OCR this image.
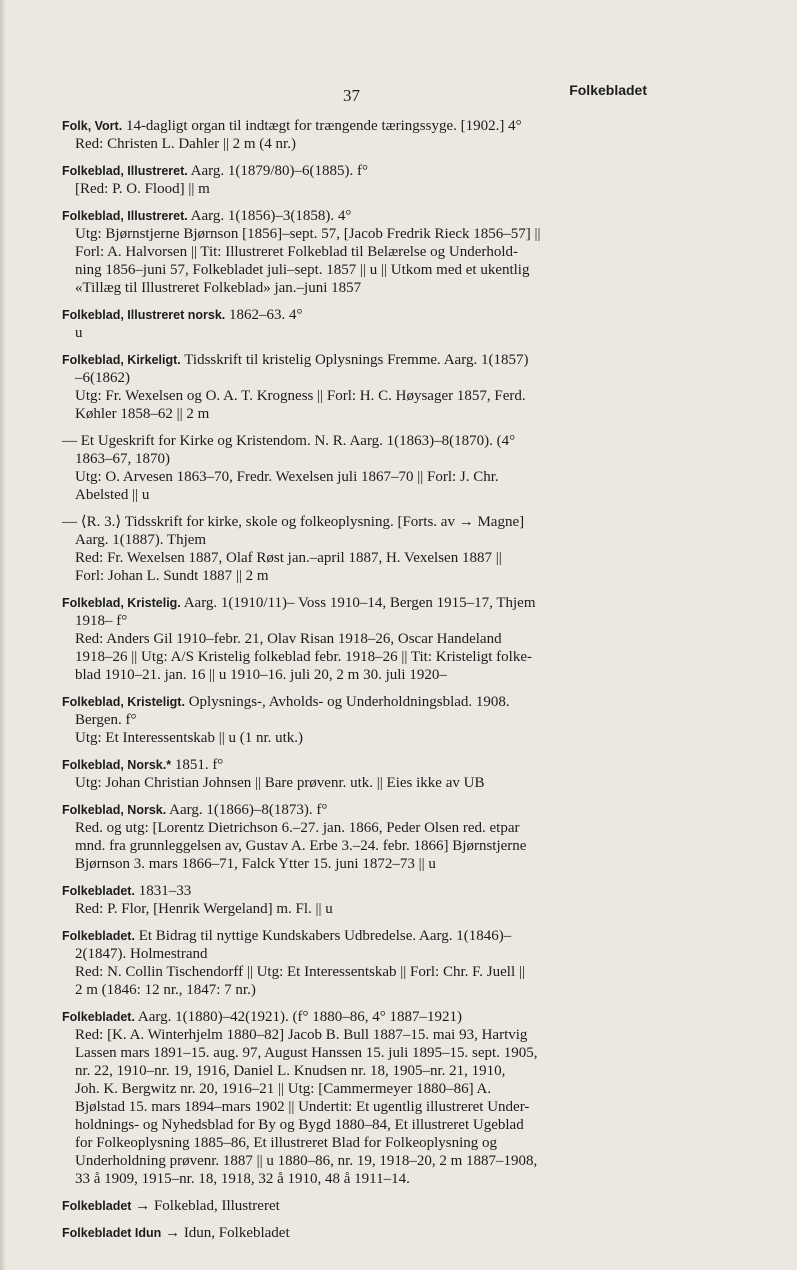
37	Folkebladet
Folk, Vort. 14-dagligt organ til indtægt for trængende tæringssyge. [1902.] 4°
Red: Christen L. Dahler || 2 m (4 nr.)
Folkeblad, Illustreret. Aarg. 1(1879/80)–6(1885). f°
[Red: P. O. Flood] || m
Folkeblad, Illustreret. Aarg. 1(1856)–3(1858). 4°
Utg: Bjørnstjerne Bjørnson [1856]–sept. 57, [Jacob Fredrik Rieck 1856–57] ||
Forl: A. Halvorsen || Tit: Illustreret Folkeblad til Belærelse og Underhold-
ning 1856–juni 57, Folkebladet juli–sept. 1857 || u || Utkom med et ukentlig
«Tillæg til Illustreret Folkeblad» jan.–juni 1857
Folkeblad, Illustreret norsk. 1862–63. 4°
u
Folkeblad, Kirkeligt. Tidsskrift til kristelig Oplysnings Fremme. Aarg. 1(1857)
–6(1862)
Utg: Fr. Wexelsen og O. A. T. Krogness || Forl: H. C. Høysager 1857, Ferd.
Køhler 1858–62 || 2 m
— Et Ugeskrift for Kirke og Kristendom. N. R. Aarg. 1(1863)–8(1870). (4°
1863–67, 1870)
Utg: O. Arvesen 1863–70, Fredr. Wexelsen juli 1867–70 || Forl: J. Chr.
Abelsted || u
— ⟨R. 3.⟩ Tidsskrift for kirke, skole og folkeoplysning. [Forts. av → Magne]
Aarg. 1(1887). Thjem
Red: Fr. Wexelsen 1887, Olaf Røst jan.–april 1887, H. Vexelsen 1887 ||
Forl: Johan L. Sundt 1887 || 2 m
Folkeblad, Kristelig. Aarg. 1(1910/11)– Voss 1910–14, Bergen 1915–17, Thjem
1918– f°
Red: Anders Gil 1910–febr. 21, Olav Risan 1918–26, Oscar Handeland
1918–26 || Utg: A/S Kristelig folkeblad febr. 1918–26 || Tit: Kristeligt folke-
blad 1910–21. jan. 16 || u 1910–16. juli 20, 2 m 30. juli 1920–
Folkeblad, Kristeligt. Oplysnings-, Avholds- og Underholdningsblad. 1908.
Bergen. f°
Utg: Et Interessentskab || u (1 nr. utk.)
Folkeblad, Norsk.* 1851. f°
Utg: Johan Christian Johnsen || Bare prøvenr. utk. || Eies ikke av UB
Folkeblad, Norsk. Aarg. 1(1866)–8(1873). f°
Red. og utg: [Lorentz Dietrichson 6.–27. jan. 1866, Peder Olsen red. etpar
mnd. fra grunnleggelsen av, Gustav A. Erbe 3.–24. febr. 1866] Bjørnstjerne
Bjørnson 3. mars 1866–71, Falck Ytter 15. juni 1872–73 || u
Folkebladet. 1831–33
Red: P. Flor, [Henrik Wergeland] m. Fl. || u
Folkebladet. Et Bidrag til nyttige Kundskabers Udbredelse. Aarg. 1(1846)–
2(1847). Holmestrand
Red: N. Collin Tischendorff || Utg: Et Interessentskab || Forl: Chr. F. Juell ||
2 m (1846: 12 nr., 1847: 7 nr.)
Folkebladet. Aarg. 1(1880)–42(1921). (f° 1880–86, 4° 1887–1921)
Red: [K. A. Winterhjelm 1880–82] Jacob B. Bull 1887–15. mai 93, Hartvig
Lassen mars 1891–15. aug. 97, August Hanssen 15. juli 1895–15. sept. 1905,
nr. 22, 1910–nr. 19, 1916, Daniel L. Knudsen nr. 18, 1905–nr. 21, 1910,
Joh. K. Bergwitz nr. 20, 1916–21 || Utg: [Cammermeyer 1880–86] A.
Bjølstad 15. mars 1894–mars 1902 || Undertit: Et ugentlig illustreret Under-
holdnings- og Nyhedsblad for By og Bygd 1880–84, Et illustreret Ugeblad
for Folkeoplysning 1885–86, Et illustreret Blad for Folkeoplysning og
Underholdning prøvenr. 1887 || u 1880–86, nr. 19, 1918–20, 2 m 1887–1908,
33 å 1909, 1915–nr. 18, 1918, 32 å 1910, 48 å 1911–14.
Folkebladet → Folkeblad, Illustreret
Folkebladet Idun → Idun, Folkebladet
